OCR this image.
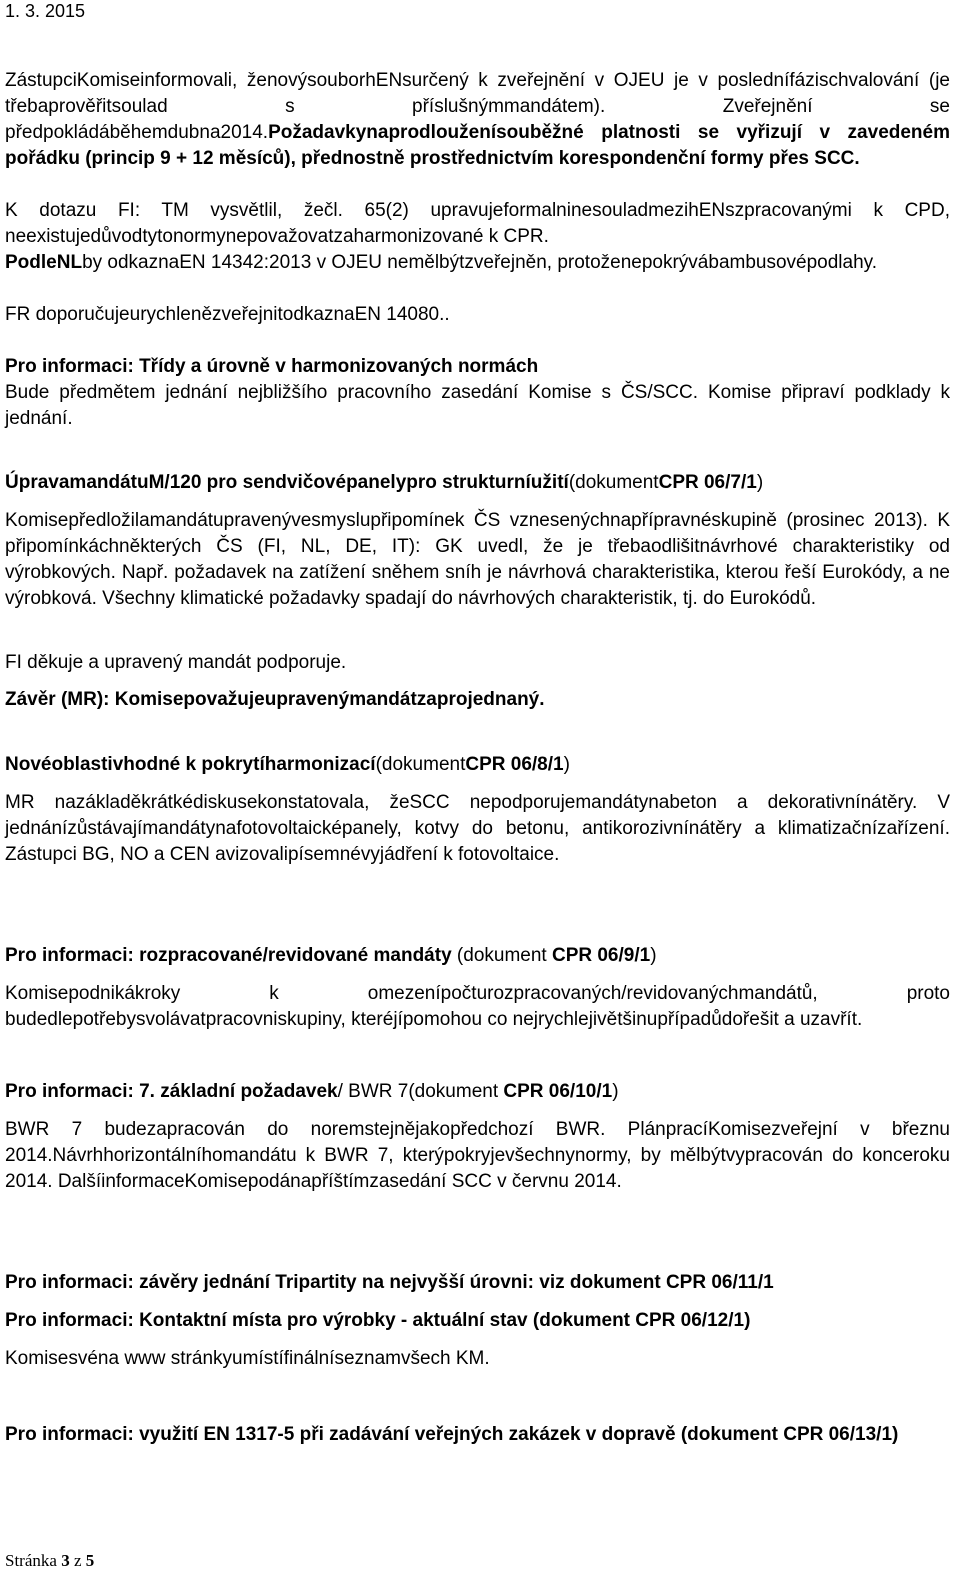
1. 3. 2015

ZástupciKomiseinformovali, ženovýsouborhENsurčený k zveřejnění v OJEU je v poslednífázischvalování (je třebaprověřitsoulad s příslušnýmmandátem). Zveřejnění se předpokládáběhemdubna2014.Požadavkynaprodlouženísouběžné platnosti se vyřizují v zavedeném pořádku (princip 9 + 12 měsíců), přednostně prostřednictvím korespondenční formy přes SCC.

K dotazu FI: TM vysvětlil, žečl. 65(2) upravujeformalninesouladmezihENszpracovanými k CPD, neexistujedůvodtytonormynepovažovatzaharmonizované k CPR.

PodleNLby odkaznaEN 14342:2013 v OJEU nemělbýtzveřejněn, protoženepokrývábambusovépodlahy.

FR doporučujeurychlenězveřejnitodkaznaEN 14080..

Pro informaci: Třídy a úrovně v harmonizovaných normách

Bude předmětem jednání nejbližšího pracovního zasedání Komise s ČS/SCC. Komise připraví podklady k jednání.

ÚpravamandátuM/120 pro sendvičovépanelypro strukturníužití(dokumentCPR 06/7/1)

Komisepředložilamandátupravenývesmyslupřipomínek ČS vznesenýchnapřípravnéskupině (prosinec 2013). K připomínkáchněkterých ČS (FI, NL, DE, IT): GK uvedl, že je třebaodlišitnávrhové charakteristiky od výrobkových. Např. požadavek na zatížení sněhem sníh je návrhová charakteristika, kterou řeší Eurokódy, a ne výrobková. Všechny klimatické požadavky spadají do návrhových charakteristik, tj. do Eurokódů.

FI děkuje a upravený mandát podporuje.

Závěr (MR): Komisepovažujeupravenýmandátzaprojednaný.

Novéoblastivhodné k pokrytíharmonizací(dokumentCPR 06/8/1)

MR nazákladěkrátkédiskusekonstatovala, žeSCC nepodporujemandátynabeton a dekorativnínátěry. V jednánízůstávajímandátynafotovoltaicképanely, kotvy do betonu, antikorozivnínátěry a klimatizačnízařízení. Zástupci BG, NO a CEN avizovalipísemnévyjádření k fotovoltaice.

Pro informaci: rozpracované/revidované mandáty (dokument CPR 06/9/1)

Komisepodnikákroky k omezenípočturozpracovaných/revidovanýchmandátů, proto budedlepotřebysvolávatpracovniskupiny, kteréjípomohou co nejrychlejivětšinupřípadůdořešit a uzavřít.

Pro informaci: 7. základní požadavek/ BWR 7(dokument CPR 06/10/1)

BWR 7 budezapracován do noremstejnějakopředchozí BWR. PlánpracíKomisezveřejní v březnu 2014.Návrhhorizontálníhomandátu k BWR 7, kterýpokryjevšechnynormy, by mělbýtvypracován do konceroku 2014. DalšíinformaceKomisepodánapříštímzasedání SCC v červnu 2014.

Pro informaci: závěry jednání Tripartity na nejvyšší úrovni: viz dokument CPR 06/11/1

Pro informaci: Kontaktní místa pro výrobky - aktuální stav (dokument CPR 06/12/1)

Komisesvéna www stránkyumístífinálníseznamvšech KM.

Pro informaci: využití EN 1317-5 při zadávání veřejných zakázek v dopravě (dokument CPR 06/13/1)

Stránka 3 z 5
